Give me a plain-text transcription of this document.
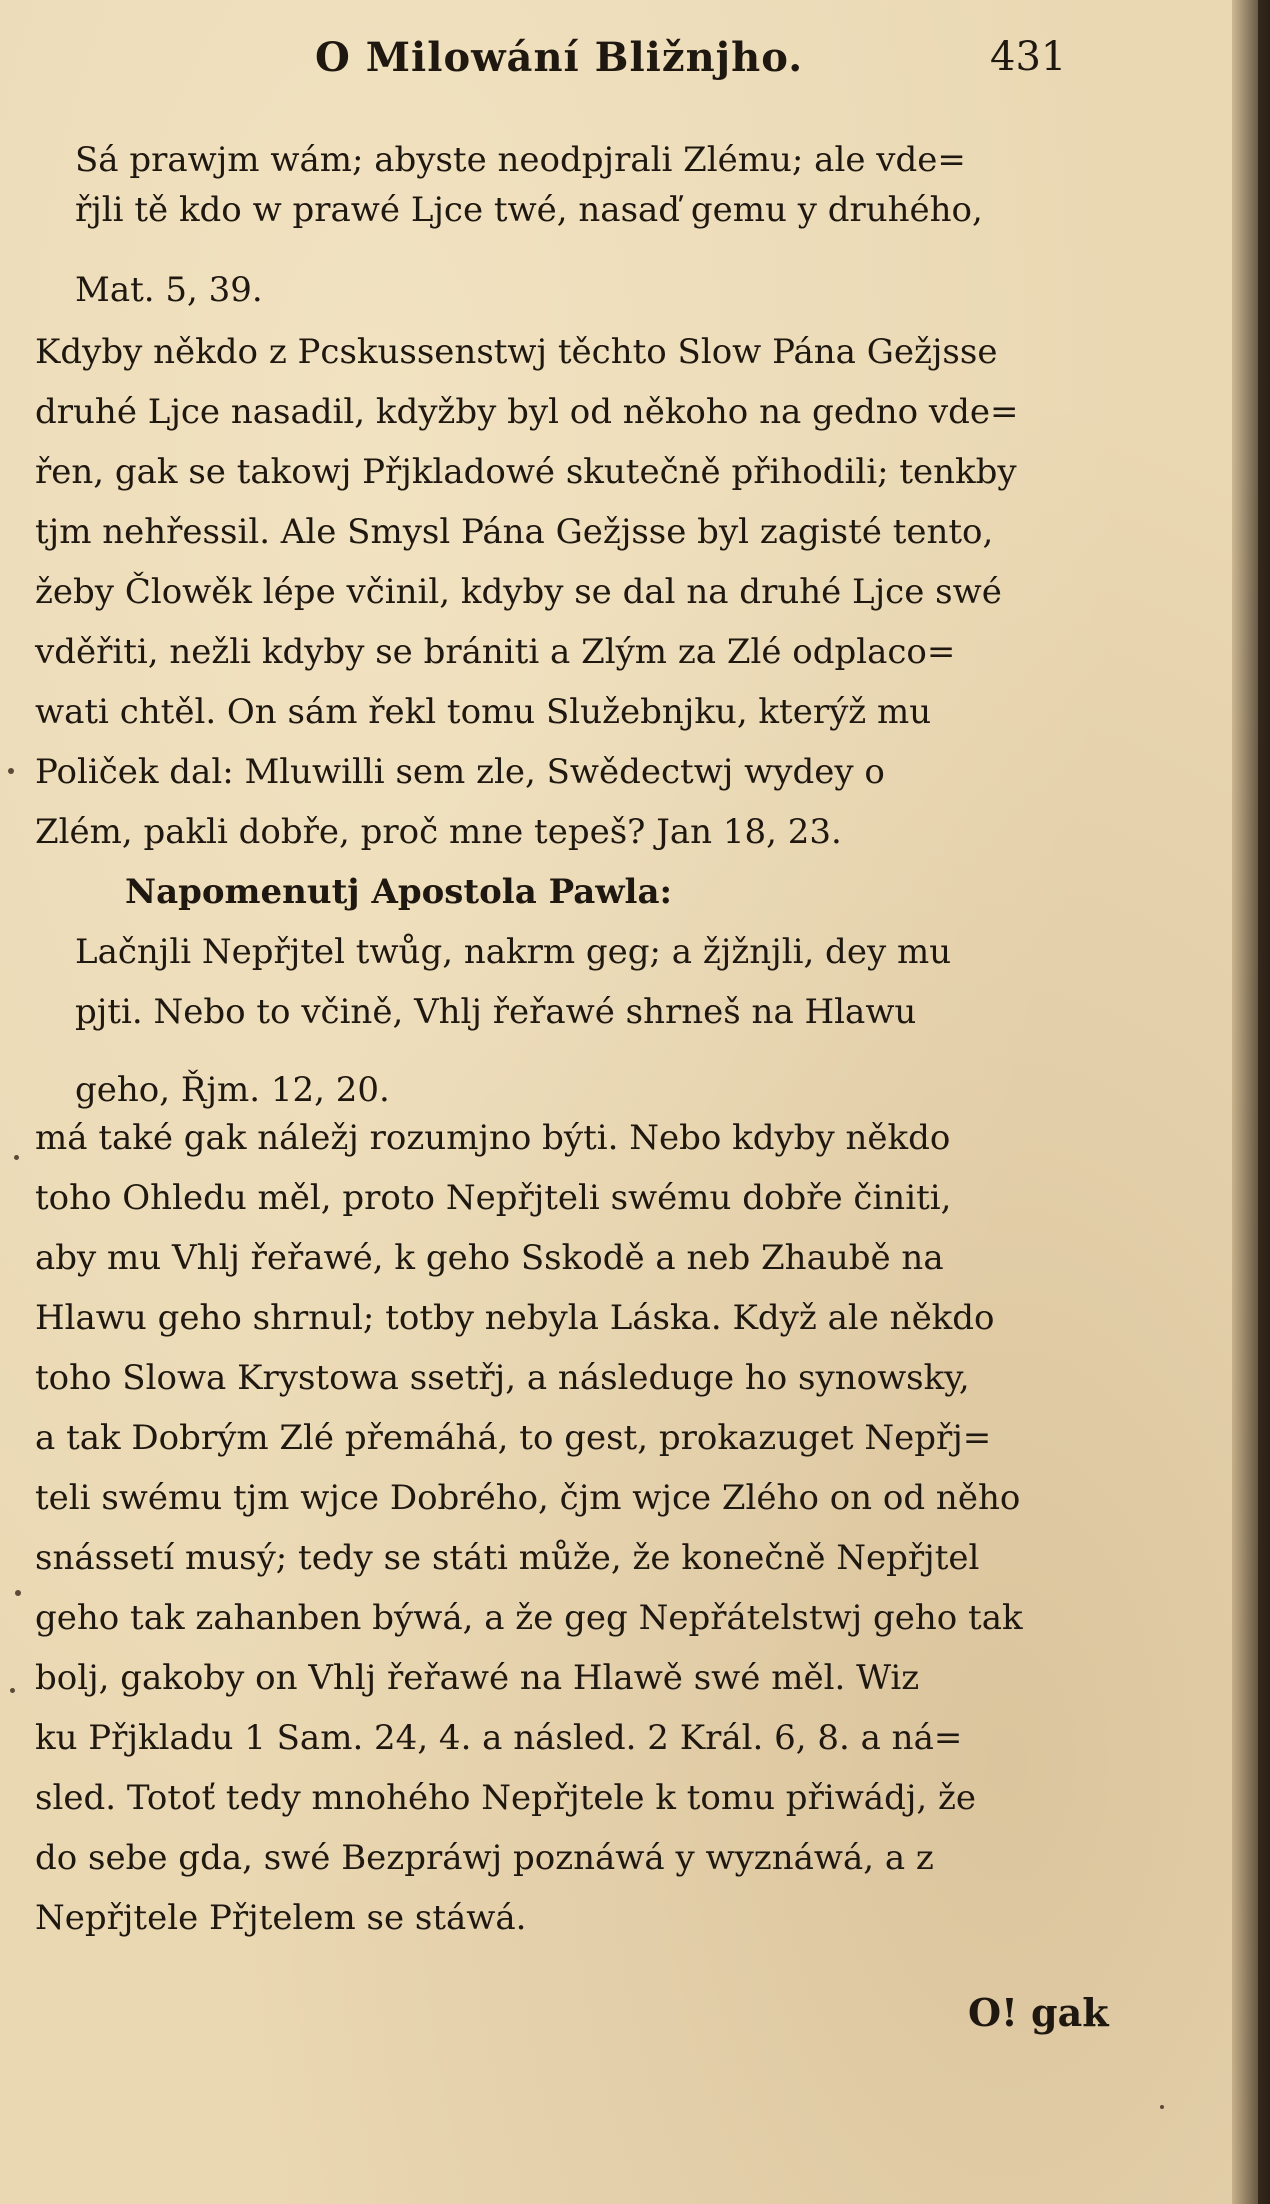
O Milowání Bližnjho.	431
Sá prawjm wám; abyste neodpjrali Zlému; ale vde=
řjli tě kdo w prawé Ljce twé, nasaď gemu y druhého,
Mat. 5, 39.
Kdyby někdo z Pcskussenstwj těchto Slow Pána Gežjsse
druhé Ljce nasadil, kdyžby byl od někoho na gedno vde=
řen, gak se takowj Přjkladowé skutečně přihodili; tenkby
tjm nehřessil. Ale Smysl Pána Gežjsse byl zagisté tento,
žeby Člowěk lépe včinil, kdyby se dal na druhé Ljce swé
vděřiti, nežli kdyby se brániti a Zlým za Zlé odplaco=
wati chtěl. On sám řekl tomu Služebnjku, kterýž mu
Poliček dal: Mluwilli sem zle, Swědectwj wydey o
Zlém, pakli dobře, proč mne tepeš? Jan 18, 23.
Napomenutj Apostola Pawla:
Lačnjli Nepřjtel twůg, nakrm geg; a žjžnjli, dey mu
pjti. Nebo to včině, Vhlj řeřawé shrneš na Hlawu
geho, Řjm. 12, 20.
má také gak náležj rozumjno býti. Nebo kdyby někdo
toho Ohledu měl, proto Nepřjteli swému dobře činiti,
aby mu Vhlj řeřawé, k geho Sskodě a neb Zhaubě na
Hlawu geho shrnul; totby nebyla Láska. Když ale někdo
toho Slowa Krystowa ssetřj, a následuge ho synowsky,
a tak Dobrým Zlé přemáhá, to gest, prokazuget Nepřj=
teli swému tjm wjce Dobrého, čjm wjce Zlého on od něho
snássetí musý; tedy se státi může, že konečně Nepřjtel
geho tak zahanben býwá, a že geg Nepřátelstwj geho tak
bolj, gakoby on Vhlj řeřawé na Hlawě swé měl. Wiz
ku Přjkladu 1 Sam. 24, 4. a násled. 2 Král. 6, 8. a ná=
sled. Totoť tedy mnohého Nepřjtele k tomu přiwádj, že
do sebe gda, swé Bezpráwj poznáwá y wyznáwá, a z
Nepřjtele Přjtelem se stáwá.
O! gak
